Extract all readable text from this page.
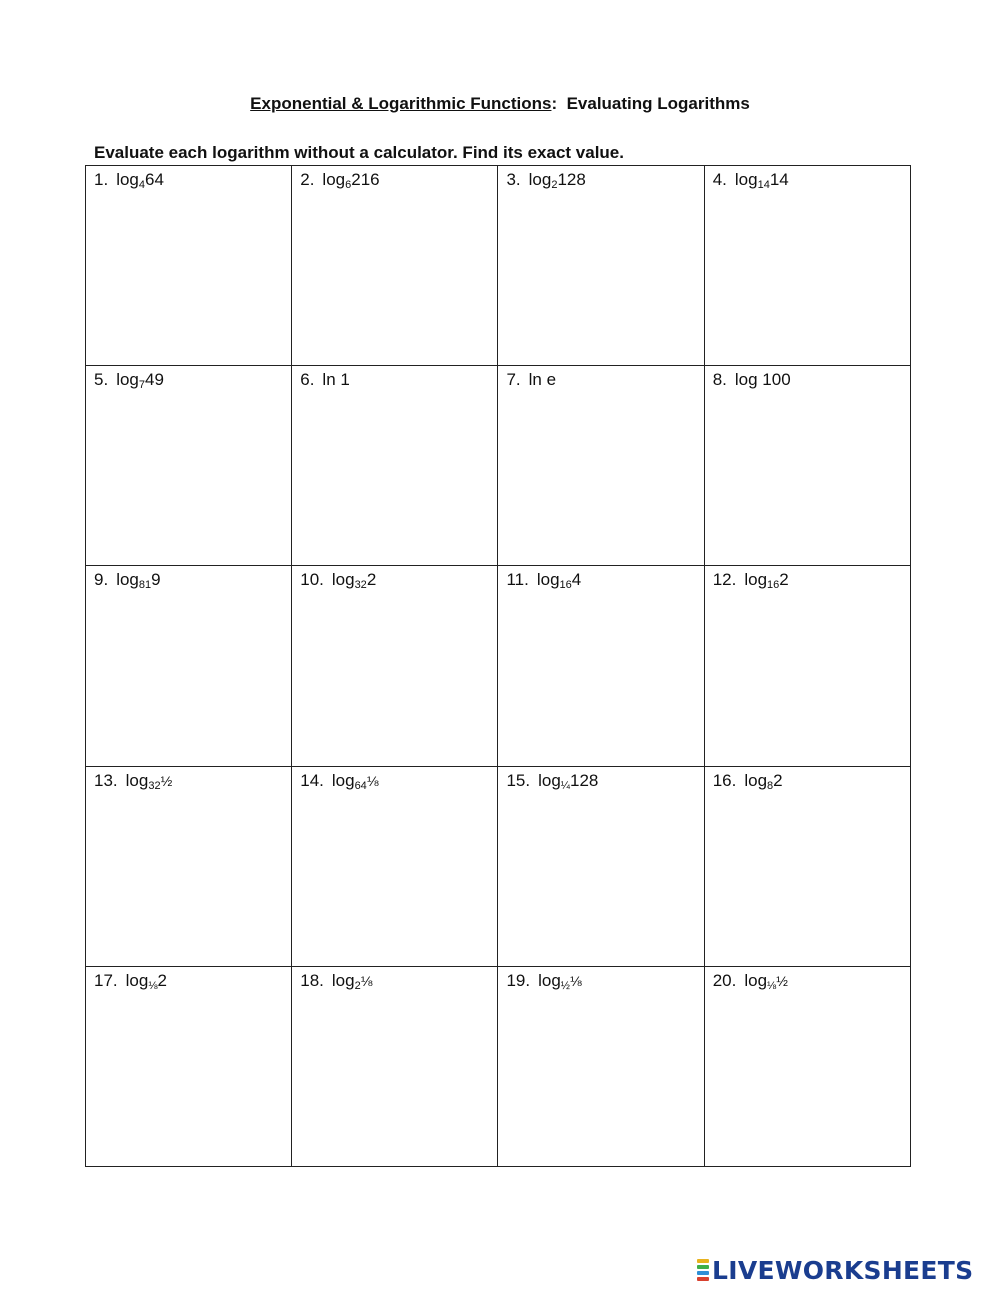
Exponential & Logarithmic Functions:  Evaluating Logarithms
Evaluate each logarithm without a calculator. Find its exact value.
1. $\log_464$	2. $\log_6216$	3. $\log_2128$	4. $\log_{14}14$
5. $\log_749$	6. ln 1	7. ln e	8. log 100
9. $\log_{81}9$	10. $\log_{32}2$	11. $\log_{16}4$	12. $\log_{16}2$
13. $\log_{32}\frac{1}{2}$	14. $\log_{64}\frac{1}{8}$	15. $\log_{\frac{1}{4}}128$	16. $\log_82$
17. $\log_{\frac{1}{8}}2$	18. $\log_2\frac{1}{8}$	19. $\log_{\frac{1}{2}}\frac{1}{8}$	20. $\log_{\frac{1}{8}}\frac{1}{2}$
LIVEWORKSHEETS
